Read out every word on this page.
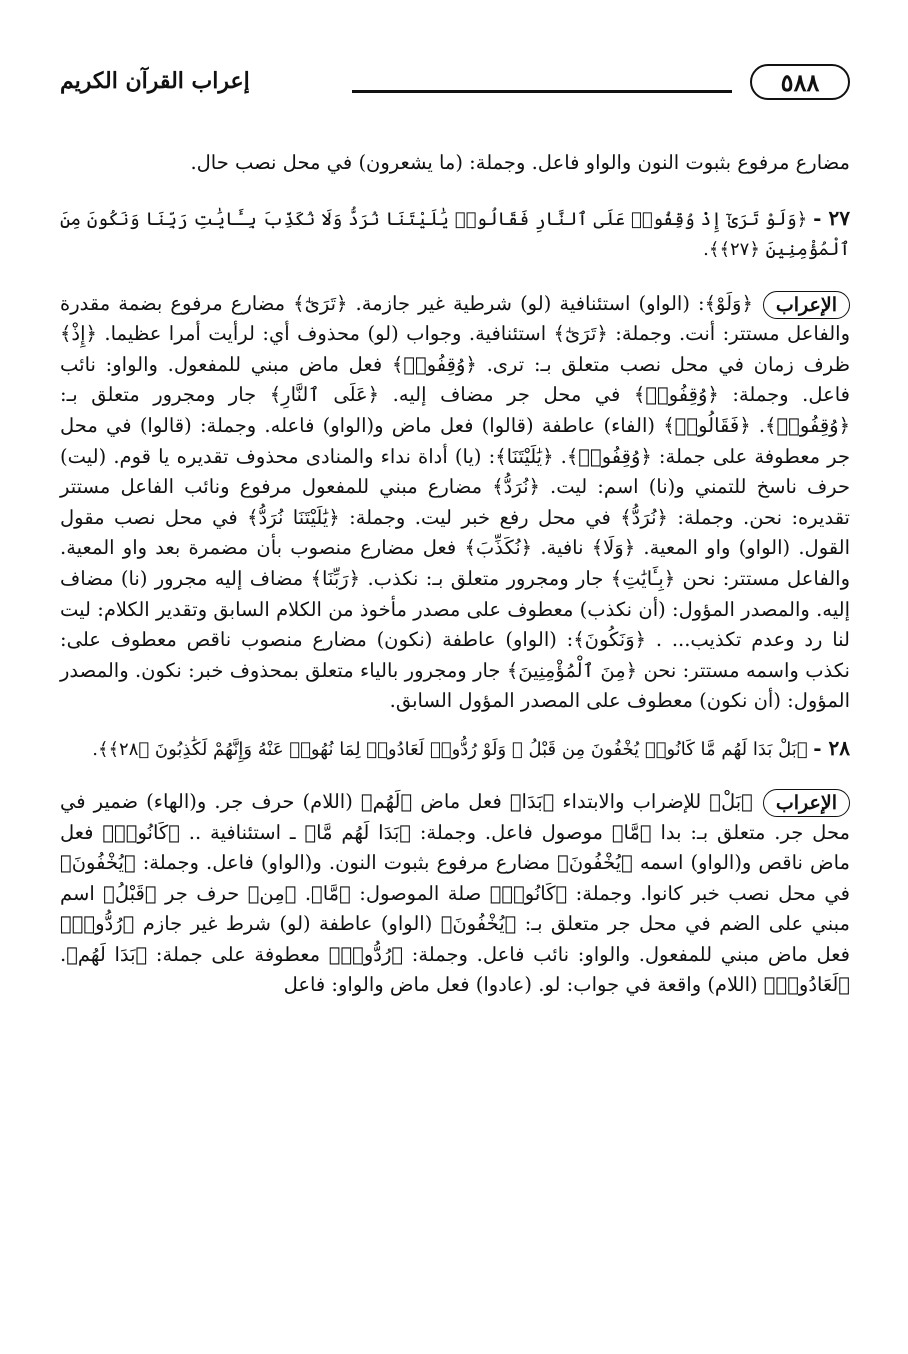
٥٨٨
إعراب القرآن الكريم

مضارع مرفوع بثبوت النون والواو فاعل. وجملة: (ما يشعرون) في محل نصب حال.

٢٧ - ﴿وَلَوْ تَرَىٰٓ إِذْ وُقِفُوا۟ عَلَى ٱلنَّارِ فَقَالُوا۟ يَٰلَيْتَنَا نُرَدُّ وَلَا نُكَذِّبَ بِـَٔايَٰتِ رَبِّنَا وَنَكُونَ مِنَ ٱلْمُؤْمِنِينَ ﴿٢٧﴾﴾.

الإعراب

﴿وَلَوْ﴾: (الواو) استئنافية (لو) شرطية غير جازمة. ﴿تَرَىٰٓ﴾ مضارع مرفوع بضمة مقدرة والفاعل مستتر: أنت. وجملة: ﴿تَرَىٰٓ﴾ استئنافية. وجواب (لو) محذوف أي: لرأيت أمرا عظيما. ﴿إِذْ﴾ ظرف زمان في محل نصب متعلق بـ: ترى. ﴿وُقِفُوا۟﴾ فعل ماض مبني للمفعول. والواو: نائب فاعل. وجملة: ﴿وُقِفُوا۟﴾ في محل جر مضاف إليه. ﴿عَلَى ٱلنَّارِ﴾ جار ومجرور متعلق بـ: ﴿وُقِفُوا۟﴾. ﴿فَقَالُوا۟﴾ (الفاء) عاطفة (قالوا) فعل ماض و(الواو) فاعله. وجملة: (قالوا) في محل جر معطوفة على جملة: ﴿وُقِفُوا۟﴾. ﴿يَٰلَيْتَنَا﴾: (يا) أداة نداء والمنادى محذوف تقديره يا قوم. (ليت) حرف ناسخ للتمني و(نا) اسم: ليت. ﴿نُرَدُّ﴾ مضارع مبني للمفعول مرفوع ونائب الفاعل مستتر تقديره: نحن. وجملة: ﴿نُرَدُّ﴾ في محل رفع خبر ليت. وجملة: ﴿يَٰلَيْتَنَا نُرَدُّ﴾ في محل نصب مقول القول. (الواو) واو المعية. ﴿وَلَا﴾ نافية. ﴿نُكَذِّبَ﴾ فعل مضارع منصوب بأن مضمرة بعد واو المعية. والفاعل مستتر: نحن ﴿بِـَٔايَٰتِ﴾ جار ومجرور متعلق بـ: نكذب. ﴿رَبِّنَا﴾ مضاف إليه مجرور (نا) مضاف إليه. والمصدر المؤول: (أن نكذب) معطوف على مصدر مأخوذ من الكلام السابق وتقدير الكلام: ليت لنا رد وعدم تكذيب... . ﴿وَنَكُونَ﴾: (الواو) عاطفة (نكون) مضارع منصوب ناقص معطوف على: نكذب واسمه مستتر: نحن ﴿مِنَ ٱلْمُؤْمِنِينَ﴾ جار ومجرور بالياء متعلق بمحذوف خبر: نكون. والمصدر المؤول: (أن نكون) معطوف على المصدر المؤول السابق.

٢٨ - ﴿بَلْ بَدَا لَهُم مَّا كَانُوا۟ يُخْفُونَ مِن قَبْلُ ۖ وَلَوْ رُدُّوا۟ لَعَادُوا۟ لِمَا نُهُوا۟ عَنْهُ وَإِنَّهُمْ لَكَٰذِبُونَ ﴿٢٨﴾﴾.

الإعراب

﴿بَلْ﴾ للإضراب والابتداء ﴿بَدَا﴾ فعل ماض ﴿لَهُم﴾ (اللام) حرف جر. و(الهاء) ضمير في محل جر. متعلق بـ: بدا ﴿مَّا﴾ موصول فاعل. وجملة: ﴿بَدَا لَهُم مَّا﴾ ـ استئنافية .. ﴿كَانُوا۟﴾ فعل ماض ناقص و(الواو) اسمه ﴿يُخْفُونَ﴾ مضارع مرفوع بثبوت النون. و(الواو) فاعل. وجملة: ﴿يُخْفُونَ﴾ في محل نصب خبر كانوا. وجملة: ﴿كَانُوا۟﴾ صلة الموصول: ﴿مَّا﴾. ﴿مِن﴾ حرف جر ﴿قَبْلُ﴾ اسم مبني على الضم في محل جر متعلق بـ: ﴿يُخْفُونَ﴾ (الواو) عاطفة (لو) شرط غير جازم ﴿رُدُّوا۟﴾ فعل ماض مبني للمفعول. والواو: نائب فاعل. وجملة: ﴿رُدُّوا۟﴾ معطوفة على جملة: ﴿بَدَا لَهُم﴾. ﴿لَعَادُوا۟﴾ (اللام) واقعة في جواب: لو. (عادوا) فعل ماض والواو: فاعل
